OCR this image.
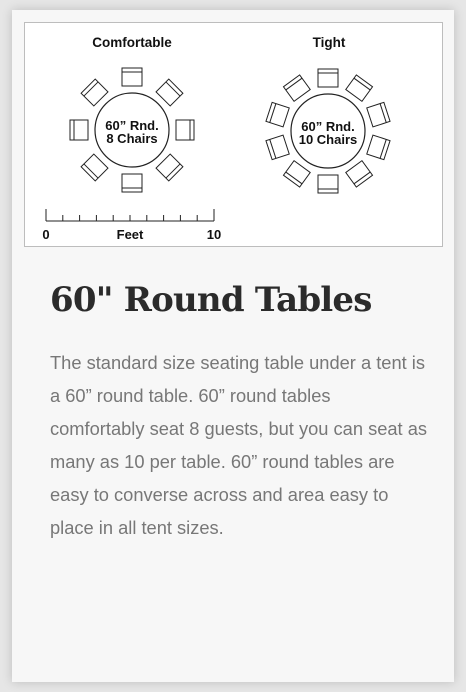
Comfortable	Tight
60” Rnd.
8 Chairs
60” Rnd.
10 Chairs
0	Feet	10
60" Round Tables

The standard size seating table under a tent is a 60” round table. 60” round tables comfortably seat 8 guests, but you can seat as many as 10 per table. 60” round tables are easy to converse across and area easy to place in all tent sizes.
